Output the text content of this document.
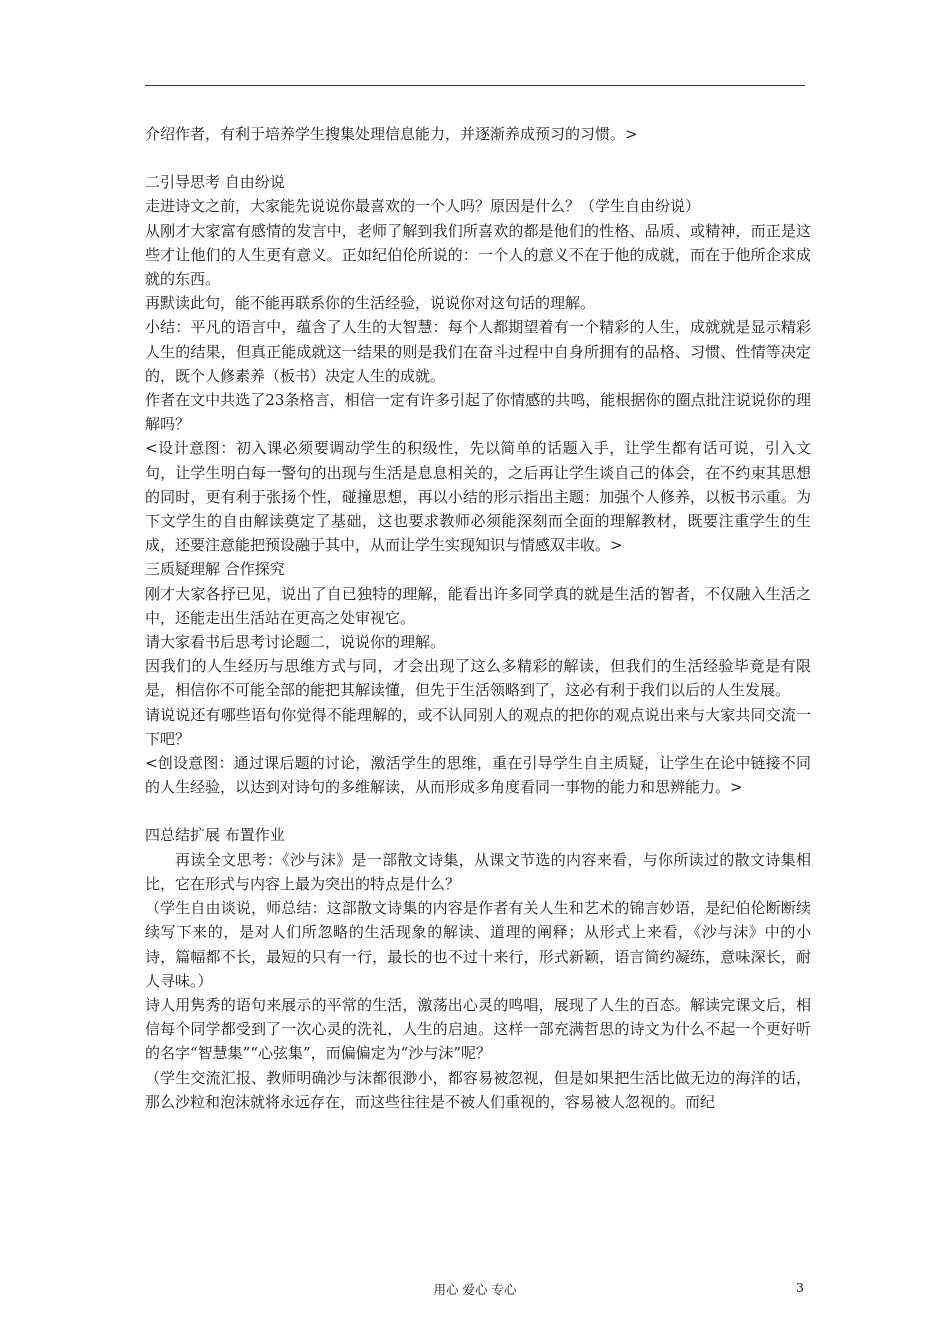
介绍作者，有利于培养学生搜集处理信息能力，并逐渐养成预习的习惯。>

二引导思考 自由纷说

走进诗文之前，大家能先说说你最喜欢的一个人吗？原因是什么？（学生自由纷说）

从刚才大家富有感情的发言中，老师了解到我们所喜欢的都是他们的性格、品质、或精神，而正是这些才让他们的人生更有意义。正如纪伯伦所说的：一个人的意义不在于他的成就，而在于他所企求成就的东西。

再默读此句，能不能再联系你的生活经验，说说你对这句话的理解。

小结：平凡的语言中，蕴含了人生的大智慧：每个人都期望着有一个精彩的人生，成就就是显示精彩人生的结果，但真正能成就这一结果的则是我们在奋斗过程中自身所拥有的品格、习惯、性情等决定的，既个人修素养（板书）决定人生的成就。

作者在文中共选了23条格言，相信一定有许多引起了你情感的共鸣，能根据你的圈点批注说说你的理解吗？

<设计意图：初入课必须要调动学生的积级性，先以简单的话题入手，让学生都有话可说，引入文句，让学生明白每一警句的出现与生活是息息相关的，之后再让学生谈自己的体会，在不约束其思想的同时，更有利于张扬个性，碰撞思想，再以小结的形示指出主题：加强个人修养，以板书示重。为下文学生的自由解读奠定了基础，这也要求教师必须能深刻而全面的理解教材，既要注重学生的生成，还要注意能把预设融于其中，从而让学生实现知识与情感双丰收。>

三质疑理解 合作探究

刚才大家各抒已见，说出了自已独特的理解，能看出许多同学真的就是生活的智者，不仅融入生活之中，还能走出生活站在更高之处审视它。

请大家看书后思考讨论题二，说说你的理解。

因我们的人生经历与思维方式与同，才会出现了这么多精彩的解读，但我们的生活经验毕竟是有限是，相信你不可能全部的能把其解读懂，但先于生活领略到了，这必有利于我们以后的人生发展。

请说说还有哪些语句你觉得不能理解的，或不认同别人的观点的把你的观点说出来与大家共同交流一下吧？

<创设意图：通过课后题的讨论，激活学生的思维，重在引导学生自主质疑，让学生在论中链接不同的人生经验，以达到对诗句的多维解读，从而形成多角度看同一事物的能力和思辨能力。>

四总结扩展 布置作业

再读全文思考：《沙与沫》是一部散文诗集，从课文节选的内容来看，与你所读过的散文诗集相比，它在形式与内容上最为突出的特点是什么？

（学生自由谈说，师总结：这部散文诗集的内容是作者有关人生和艺术的锦言妙语，是纪伯伦断断续续写下来的，是对人们所忽略的生活现象的解读、道理的阐释；从形式上来看，《沙与沫》中的小诗，篇幅都不长，最短的只有一行，最长的也不过十来行，形式新颖，语言简约凝练，意味深长，耐人寻味。）

诗人用隽秀的语句来展示的平常的生活，激荡出心灵的鸣唱，展现了人生的百态。解读完课文后，相信每个同学都受到了一次心灵的洗礼，人生的启迪。这样一部充满哲思的诗文为什么不起一个更好听的名字“智慧集”“心弦集”，而偏偏定为“沙与沫”呢？

（学生交流汇报、教师明确沙与沫都很渺小，都容易被忽视，但是如果把生活比做无边的海洋的话，那么沙粒和泡沫就将永远存在，而这些往往是不被人们重视的，容易被人忽视的。而纪

用心 爱心 专心	3
